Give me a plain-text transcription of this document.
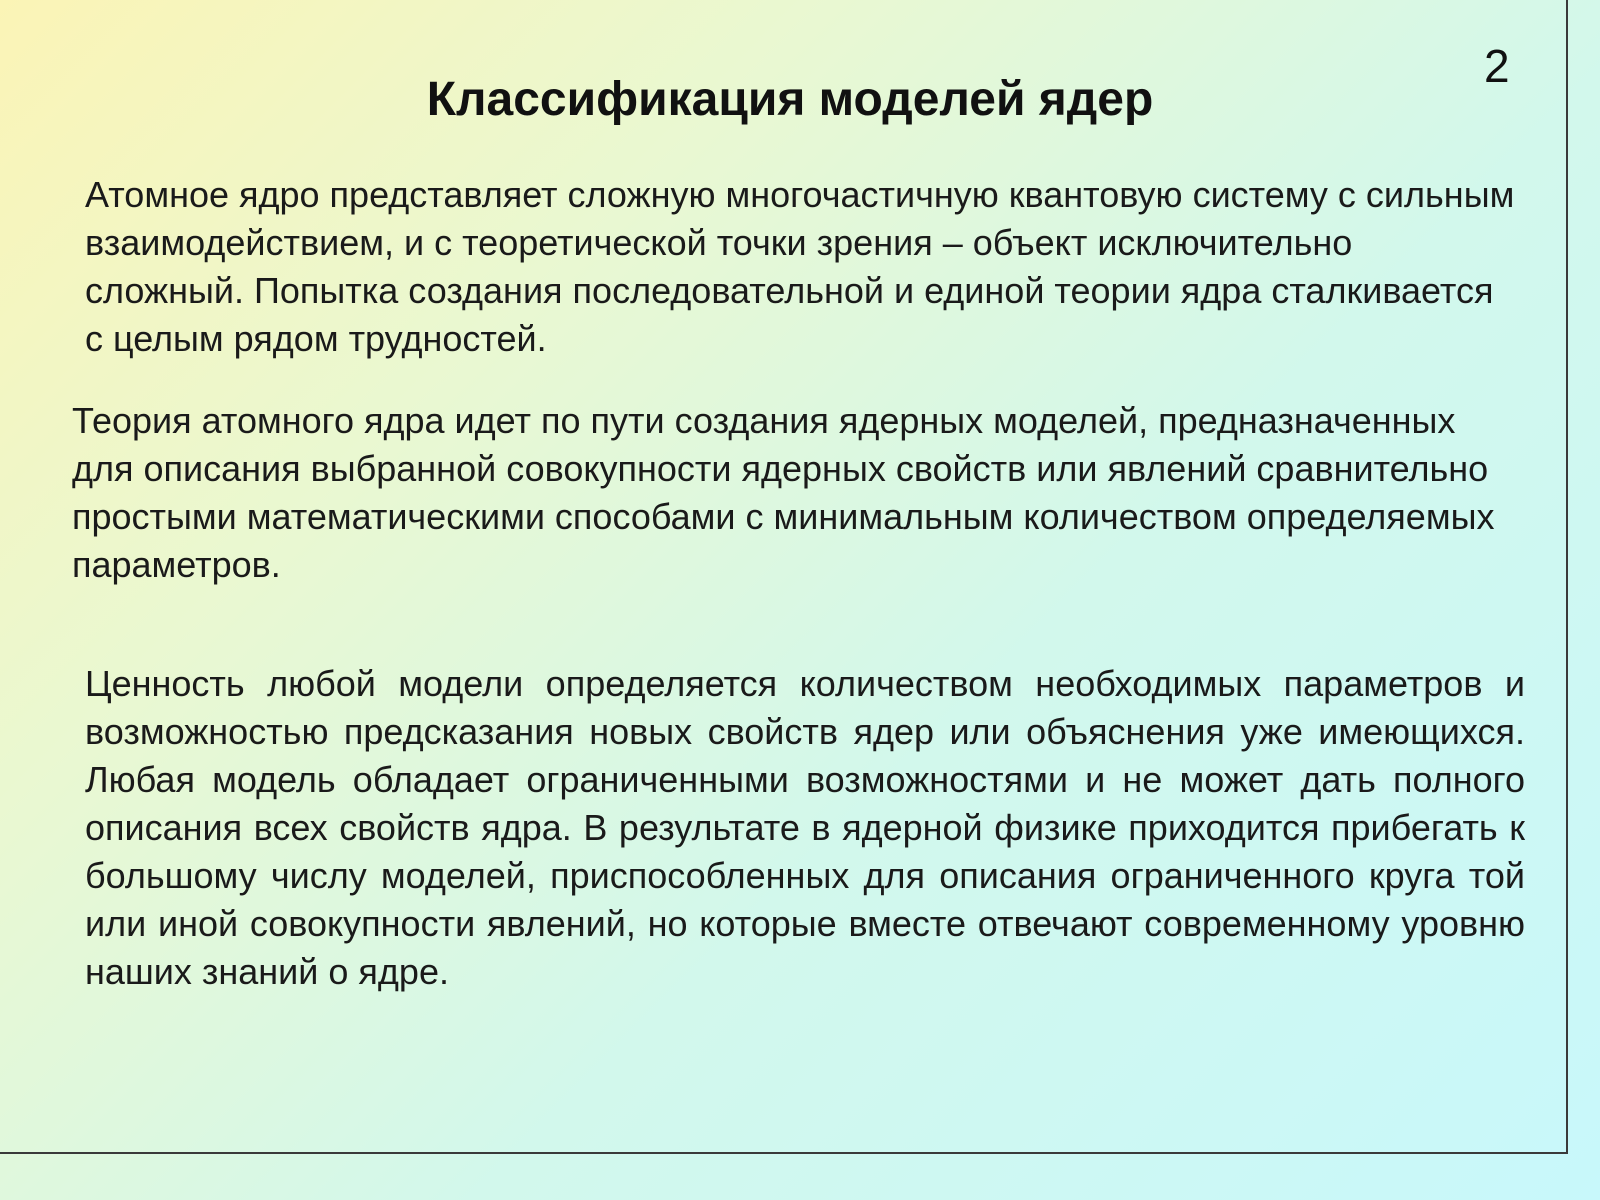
2
Классификация моделей ядер

Атомное ядро представляет сложную многочастичную квантовую систему с сильным взаимодействием, и с теоретической точки зрения – объект исключительно сложный. Попытка создания последовательной и единой теории ядра сталкивается с целым рядом трудностей.

Теория атомного ядра идет по пути создания ядерных моделей, предназначенных для описания выбранной совокупности ядерных свойств или явлений сравнительно простыми математическими способами с минимальным количеством определяемых параметров.

Ценность любой модели определяется количеством необходимых параметров и возможностью предсказания новых свойств ядер или объяснения уже имеющихся. Любая модель обладает ограниченными возможностями и не может дать полного описания всех свойств ядра. В результате в ядерной физике приходится прибегать к большому числу моделей, приспособленных для описания ограниченного круга той или иной совокупности явлений, но которые вместе отвечают современному уровню наших знаний о ядре.
